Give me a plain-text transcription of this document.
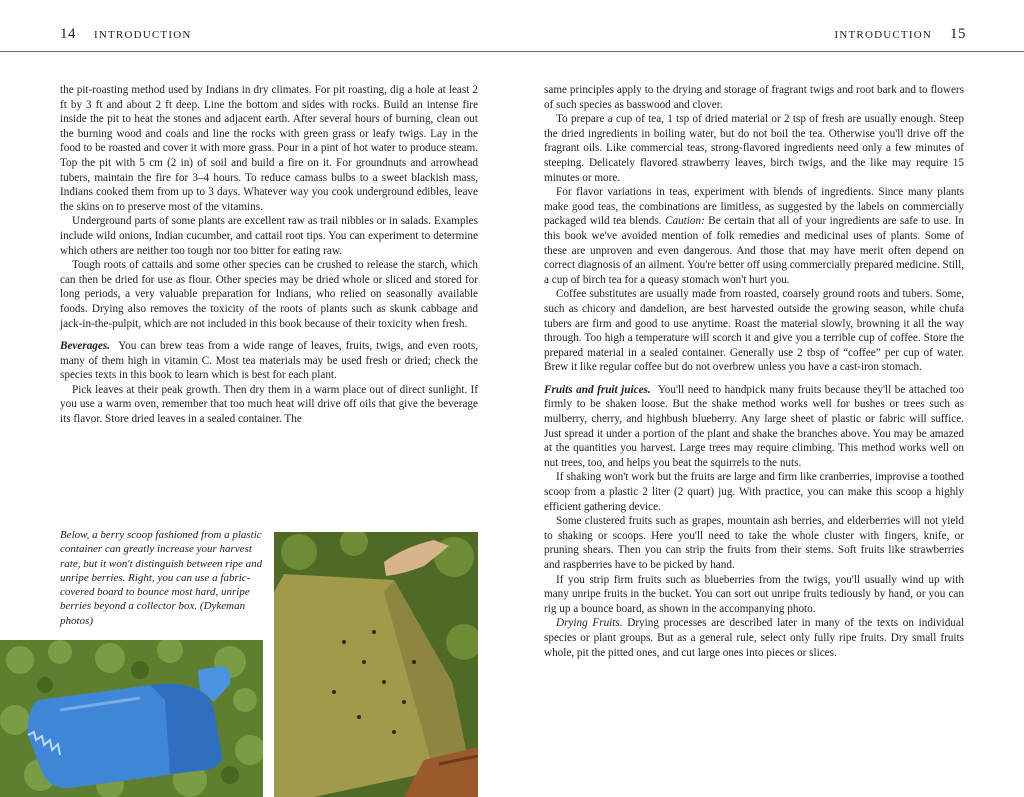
14 INTRODUCTION	INTRODUCTION 15

the pit-roasting method used by Indians in dry climates. For pit roasting, dig a hole at least 2 ft by 3 ft and about 2 ft deep. Line the bottom and sides with rocks. Build an intense fire inside the pit to heat the stones and adjacent earth. After several hours of burning, clean out the burning wood and coals and line the rocks with green grass or leafy twigs. Lay in the food to be roasted and cover it with more grass. Pour in a pint of hot water to produce steam. Top the pit with 5 cm (2 in) of soil and build a fire on it. For groundnuts and arrowhead tubers, maintain the fire for 3–4 hours. To reduce camass bulbs to a sweet blackish mass, Indians cooked them from up to 3 days. Whatever way you cook underground edibles, leave the skins on to preserve most of the vitamins.

Underground parts of some plants are excellent raw as trail nibbles or in salads. Examples include wild onions, Indian cucumber, and cattail root tips. You can experiment to determine which others are neither too tough nor too bitter for eating raw.

Tough roots of cattails and some other species can be crushed to release the starch, which can then be dried for use as flour. Other species may be dried whole or sliced and stored for long periods, a very valuable preparation for Indians, who relied on seasonally available foods. Drying also removes the toxicity of the roots of plants such as skunk cabbage and jack-in-the-pulpit, which are not included in this book because of their toxicity when fresh.

Beverages. You can brew teas from a wide range of leaves, fruits, twigs, and even roots, many of them high in vitamin C. Most tea materials may be used fresh or dried; check the species texts in this book to learn which is best for each plant.

Pick leaves at their peak growth. Then dry them in a warm place out of direct sunlight. If you use a warm oven, remember that too much heat will drive off oils that give the beverage its flavor. Store dried leaves in a sealed container. The

Below, a berry scoop fashioned from a plastic container can greatly increase your harvest rate, but it won't distinguish between ripe and unripe berries. Right, you can use a fabric-covered board to bounce most hard, unripe berries beyond a collector box. (Dykeman photos)

same principles apply to the drying and storage of fragrant twigs and root bark and to flowers of such species as basswood and clover.

To prepare a cup of tea, 1 tsp of dried material or 2 tsp of fresh are usually enough. Steep the dried ingredients in boiling water, but do not boil the tea. Otherwise you'll drive off the fragrant oils. Like commercial teas, strong-flavored ingredients need only a few minutes of steeping. Delicately flavored strawberry leaves, birch twigs, and the like may require 15 minutes or more.

For flavor variations in teas, experiment with blends of ingredients. Since many plants make good teas, the combinations are limitless, as suggested by the labels on commercially packaged wild tea blends. Caution: Be certain that all of your ingredients are safe to use. In this book we've avoided mention of folk remedies and medicinal uses of plants. Some of these are unproven and even dangerous. And those that may have merit often depend on correct diagnosis of an ailment. You're better off using commercially prepared medicine. Still, a cup of birch tea for a queasy stomach won't hurt you.

Coffee substitutes are usually made from roasted, coarsely ground roots and tubers. Some, such as chicory and dandelion, are best harvested outside the growing season, while chufa tubers are firm and good to use anytime. Roast the material slowly, browning it all the way through. Too high a temperature will scorch it and give you a terrible cup of coffee. Store the prepared material in a sealed container. Generally use 2 tbsp of “coffee” per cup of water. Brew it like regular coffee but do not overbrew unless you have a cast-iron stomach.

Fruits and fruit juices. You'll need to handpick many fruits because they'll be attached too firmly to be shaken loose. But the shake method works well for bushes or trees such as mulberry, cherry, and highbush blueberry. Any large sheet of plastic or fabric will suffice. Just spread it under a portion of the plant and shake the branches above. You may be amazed at the quantities you harvest. Large trees may require climbing. This method works well on nut trees, too, and helps you beat the squirrels to the nuts.

If shaking won't work but the fruits are large and firm like cranberries, improvise a toothed scoop from a plastic 2 liter (2 quart) jug. With practice, you can make this scoop a highly efficient gathering device.

Some clustered fruits such as grapes, mountain ash berries, and elderberries will not yield to shaking or scoops. Here you'll need to take the whole cluster with fingers, knife, or pruning shears. Then you can strip the fruits from their stems. Soft fruits like strawberries and raspberries have to be picked by hand.

If you strip firm fruits such as blueberries from the twigs, you'll usually wind up with many unripe fruits in the bucket. You can sort out unripe fruits tediously by hand, or you can rig up a bounce board, as shown in the accompanying photo.

Drying Fruits. Drying processes are described later in many of the texts on individual species or plant groups. But as a general rule, select only fully ripe fruits. Dry small fruits whole, pit the pitted ones, and cut large ones into pieces or slices.
